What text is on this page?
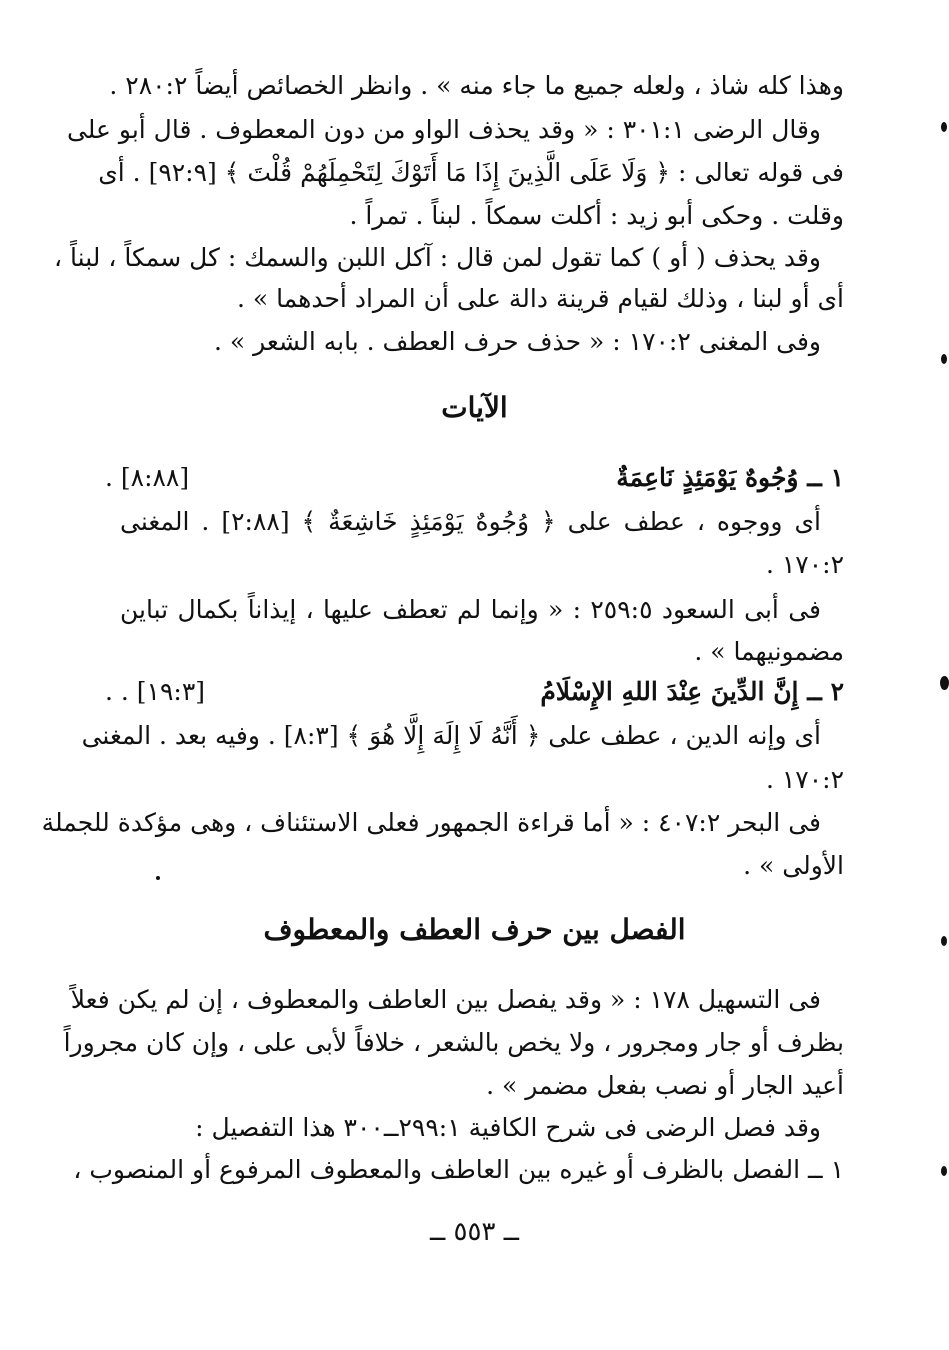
وهذا كله شاذ ، ولعله جميع ما جاء منه » . وانظر الخصائص أيضاً ٢٨٠:٢ .
وقال الرضى ٣٠١:١ : « وقد يحذف الواو من دون المعطوف . قال أبو على
فى قوله تعالى : ﴿ وَلَا عَلَى الَّذِينَ إِذَا مَا أَتَوْكَ لِتَحْمِلَهُمْ قُلْتَ ﴾ [٩٢:٩] . أى
وقلت . وحكى أبو زيد : أكلت سمكاً . لبناً . تمراً .
وقد يحذف ( أو ) كما تقول لمن قال : آكل اللبن والسمك : كل سمكاً ، لبناً ،
أى أو لبنا ، وذلك لقيام قرينة دالة على أن المراد أحدهما » .
وفى المغنى ١٧٠:٢ : « حذف حرف العطف . بابه الشعر » .
الآيات
١ ــ وُجُوهٌ يَوْمَئِذٍ نَاعِمَةٌ
[٨:٨٨] .
أى ووجوه ، عطف على ﴿ وُجُوهٌ يَوْمَئِذٍ خَاشِعَةٌ ﴾ [٢:٨٨] . المغنى
١٧٠:٢ .
فى أبى السعود ٢٥٩:٥ : « وإنما لم تعطف عليها ، إيذاناً بكمال تباين
مضمونيهما » .
٢ ــ إِنَّ الدِّينَ عِنْدَ اللهِ الإِسْلَامُ
[١٩:٣] . .
أى وإنه الدين ، عطف على ﴿ أَنَّهُ لَا إِلَهَ إِلَّا هُوَ ﴾ [٨:٣] . وفيه بعد . المغنى
١٧٠:٢ .
فى البحر ٤٠٧:٢ : « أما قراءة الجمهور فعلى الاستئناف ، وهى مؤكدة للجملة
الأولى » .
الفصل بين حرف العطف والمعطوف
فى التسهيل ١٧٨ : « وقد يفصل بين العاطف والمعطوف ، إن لم يكن فعلاً
بظرف أو جار ومجرور ، ولا يخص بالشعر ، خلافاً لأبى على ، وإن كان مجروراً
أعيد الجار أو نصب بفعل مضمر » .
وقد فصل الرضى فى شرح الكافية ٢٩٩:١ــ٣٠٠ هذا التفصيل :
١ ــ الفصل بالظرف أو غيره بين العاطف والمعطوف المرفوع أو المنصوب ،
ــ ٥٥٣ ــ
